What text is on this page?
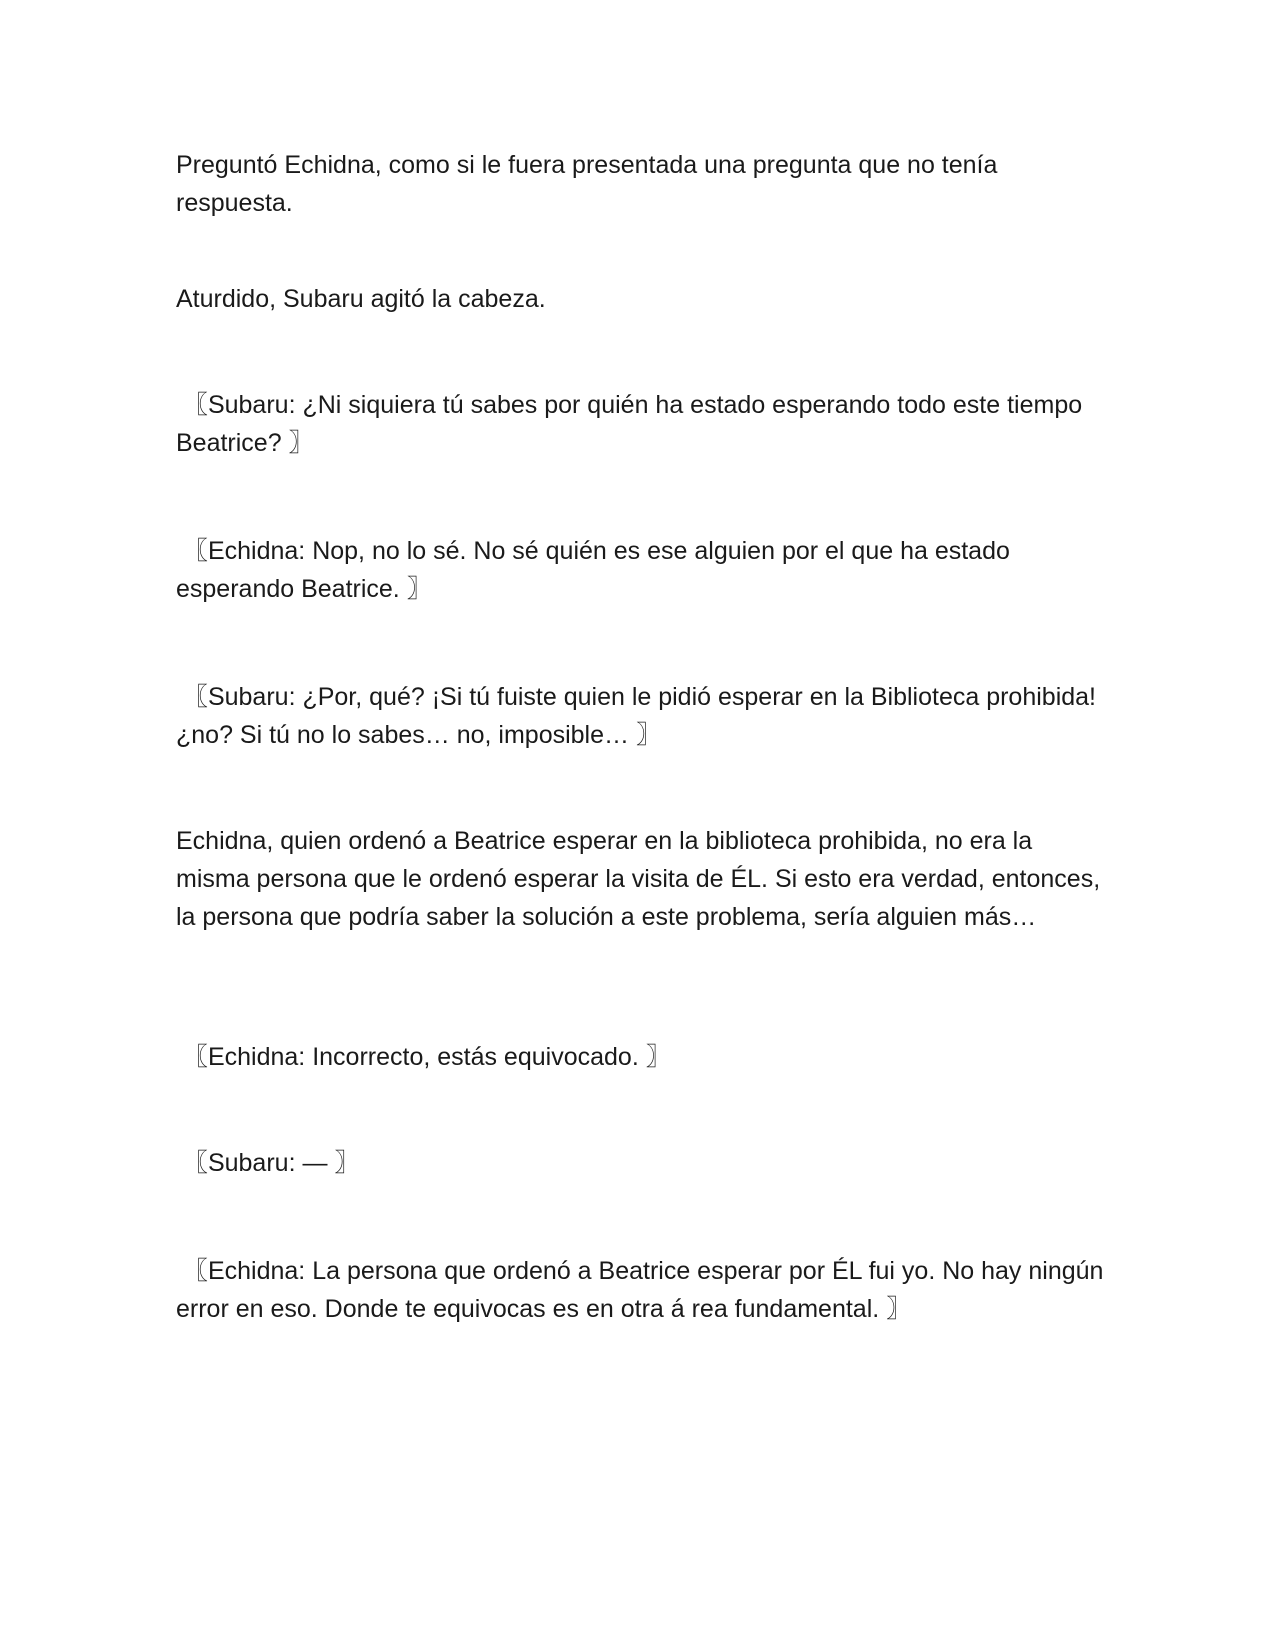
Preguntó Echidna, como si le fuera presentada una pregunta que no tenía respuesta.

Aturdido, Subaru agitó la cabeza.

〖Subaru: ¿Ni siquiera tú sabes por quién ha estado esperando todo este tiempo Beatrice? 〗

〖Echidna: Nop, no lo sé. No sé quién es ese alguien por el que ha estado esperando Beatrice. 〗

〖Subaru: ¿Por, qué? ¡Si tú fuiste quien le pidió esperar en la Biblioteca prohibida! ¿no? Si tú no lo sabes… no, imposible… 〗

Echidna, quien ordenó a Beatrice esperar en la biblioteca prohibida, no era la misma persona que le ordenó esperar la visita de ÉL. Si esto era verdad, entonces, la persona que podría saber la solución a este problema, sería alguien más…

〖Echidna: Incorrecto, estás equivocado. 〗

〖Subaru: — 〗

〖Echidna: La persona que ordenó a Beatrice esperar por ÉL fui yo. No hay ningún error en eso. Donde te equivocas es en otra á rea fundamental. 〗
